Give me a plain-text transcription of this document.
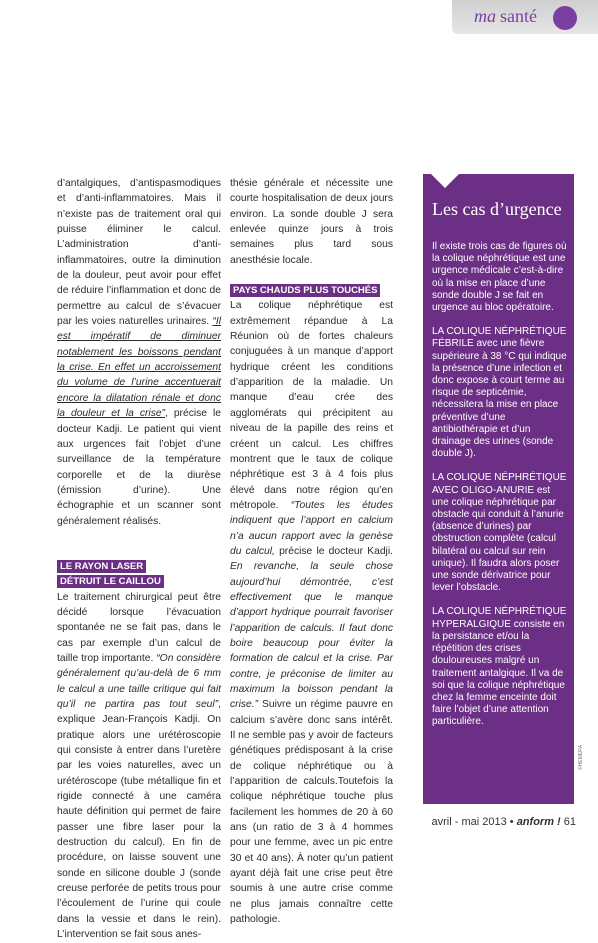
ma santé

d’antalgiques, d’antispasmodiques et d’anti-inflammatoires. Mais il n’existe pas de traitement oral qui puisse éliminer le calcul. L’administration d’anti-inflammatoires, outre la diminution de la douleur, peut avoir pour effet de réduire l’inflammation et donc de permettre au calcul de s’évacuer par les voies naturelles urinaires. “Il est impératif de diminuer notablement les boissons pendant la crise. En effet un accroissement du volume de l’urine accentuerait encore la dilatation rénale et donc la douleur et la crise”, précise le docteur Kadji. Le patient qui vient aux urgences fait l’objet d’une surveillance de la température corporelle et de la diurèse (émission d’urine). Une échographie et un scanner sont généralement réalisés.

LE RAYON LASER
DÉTRUIT LE CAILLOU

Le traitement chirurgical peut être décidé lorsque l’évacuation spontanée ne se fait pas, dans le cas par exemple d’un calcul de taille trop importante. “On considère généralement qu’au-delà de 6 mm le calcul a une taille critique qui fait qu’il ne partira pas tout seul”, explique Jean-François Kadji. On pratique alors une urétéroscopie qui consiste à entrer dans l’uretère par les voies naturelles, avec un urétéroscope (tube métallique fin et rigide connecté à une caméra haute définition qui permet de faire passer une fibre laser pour la destruction du calcul). En fin de procédure, on laisse souvent une sonde en silicone double J (sonde creuse perforée de petits trous pour l’écoulement de l’urine qui coule dans la vessie et dans le rein). L’intervention se fait sous anes-

thésie générale et nécessite une courte hospitalisation de deux jours environ. La sonde double J sera enlevée quinze jours à trois semaines plus tard sous anesthésie locale.

PAYS CHAUDS PLUS TOUCHÉS

La colique néphrétique est extrêmement répandue à La Réunion où de fortes chaleurs conjuguées à un manque d’apport hydrique créent les conditions d’apparition de la maladie. Un manque d’eau crée des agglomérats qui précipitent au niveau de la papille des reins et créent un calcul. Les chiffres montrent que le taux de colique néphrétique est 3 à 4 fois plus élevé dans notre région qu’en métropole. “Toutes les études indiquent que l’apport en calcium n’a aucun rapport avec la genèse du calcul, précise le docteur Kadji. En revanche, la seule chose aujourd’hui démontrée, c’est effectivement que le manque d’apport hydrique pourrait favoriser l’apparition de calculs. Il faut donc boire beaucoup pour éviter la formation de calcul et la crise. Par contre, je préconise de limiter au maximum la boisson pendant la crise.” Suivre un régime pauvre en calcium s’avère donc sans intérêt. Il ne semble pas y avoir de facteurs génétiques prédisposant à la crise de colique néphrétique ou à l’apparition de calculs.Toutefois la colique néphrétique touche plus facilement les hommes de 20 à 60 ans (un ratio de 3 à 4 hommes pour une femme, avec un pic entre 30 et 40 ans). À noter qu’un patient ayant déjà fait une crise peut être soumis à une autre crise comme ne plus jamais connaître cette pathologie.

Les cas d’urgence

Il existe trois cas de figures où la colique néphrétique est une urgence médicale c’est-à-dire où la mise en place d’une sonde double J se fait en urgence au bloc opératoire.

LA COLIQUE NÉPHRÉTIQUE FÉBRILE avec une fièvre supérieure à 38 °C qui indique la présence d’une infection et donc expose à court terme au risque de septicémie, nécessitera la mise en place préventive d’une antibiothérapie et d’un drainage des urines (sonde double J).

LA COLIQUE NÉPHRÉTIQUE AVEC OLIGO-ANURIE est une colique néphrétique par obstacle qui conduit à l’anurie (absence d’urines) par obstruction complète (calcul bilatéral ou calcul sur rein unique). Il faudra alors poser une sonde dérivatrice pour lever l’obstacle.

LA COLIQUE NÉPHRÉTIQUE HYPERALGIQUE consiste en la persistance et/ou la répétition des crises douloureuses malgré un traitement antalgique. Il va de soi que la colique néphrétique chez la femme enceinte doit faire l’objet d’une attention particulière.

©HEMERA
avril - mai 2013 • anform ! 61
